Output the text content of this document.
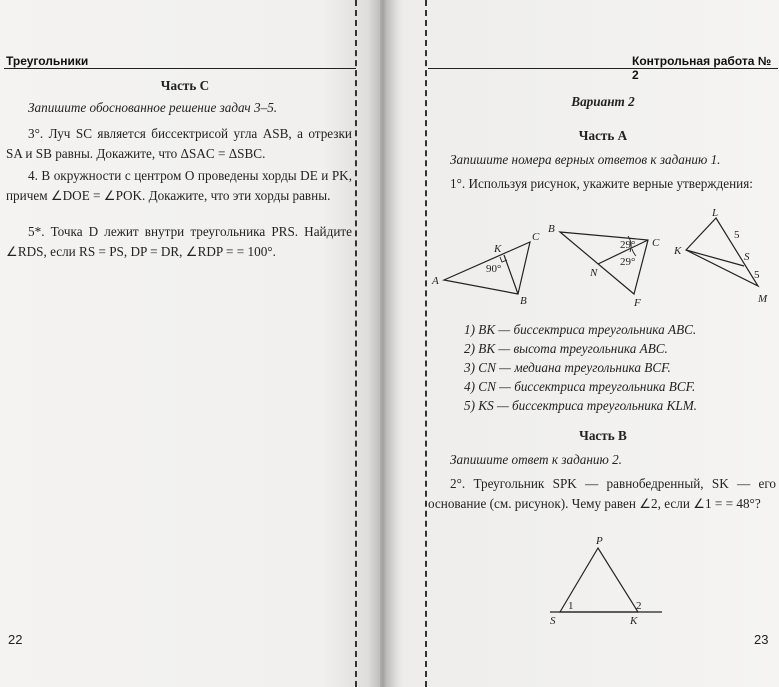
Треугольники
Часть С
Запишите обоснованное решение задач 3–5.
3°. Луч SC является биссектрисой угла ASB, а отрезки SA и SB равны. Докажите, что ΔSAC = ΔSBC.
4. В окружности с центром O проведены хорды DE и PK, причем ∠DOE = ∠POK. Докажите, что эти хорды равны.
5*. Точка D лежит внутри треугольника PRS. Найдите ∠RDS, если RS = PS, DP = DR, ∠RDP = = 100°.
22
Контрольная работа № 2
Вариант 2
Часть А
Запишите номера верных ответов к заданию 1.
1°. Используя рисунок, укажите верные утверждения:
A
B
C
K
90°
B
C
N
F
29°
29°
L
K	S
M
5
5
1) BK — биссектриса треугольника ABC.
2) BK — высота треугольника ABC.
3) CN — медиана треугольника BCF.
4) CN — биссектриса треугольника BCF.
5) KS — биссектриса треугольника KLM.
Часть В
Запишите ответ к заданию 2.
2°. Треугольник SPK — равнобедренный, SK — его основание (см. рисунок). Чему равен ∠2, если ∠1 = = 48°?
P
S	K
1	2
23
